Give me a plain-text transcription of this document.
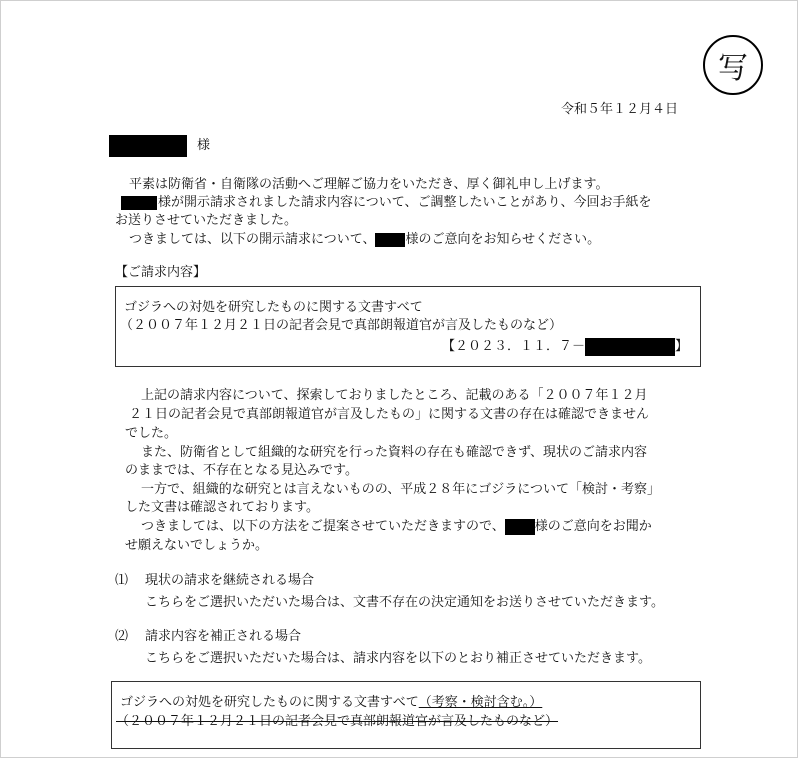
写
令和５年１２月４日
様
平素は防衛省・自衛隊の活動へご理解ご協力をいただき、厚く御礼申し上げます。
様が開示請求されました請求内容について、ご調整したいことがあり、今回お手紙を
お送りさせていただきました。
つきましては、以下の開示請求について、 様のご意向をお知らせください。
【ご請求内容】
ゴジラへの対処を研究したものに関する文書すべて
（２００７年１２月２１日の記者会見で真部朗報道官が言及したものなど）
【２０２３．１１．７－	】
上記の請求内容について、探索しておりましたところ、記載のある「２００７年１２月
２１日の記者会見で真部朗報道官が言及したもの」に関する文書の存在は確認できません
でした。
また、防衛省として組織的な研究を行った資料の存在も確認できず、現状のご請求内容
のままでは、不存在となる見込みです。
一方で、組織的な研究とは言えないものの、平成２８年にゴジラについて「検討・考察」
した文書は確認されております。
つきましては、以下の方法をご提案させていただきますので、 様のご意向をお聞か
せ願えないでしょうか。
⑴ 現状の請求を継続される場合
こちらをご選択いただいた場合は、文書不存在の決定通知をお送りさせていただきます。
⑵ 請求内容を補正される場合
こちらをご選択いただいた場合は、請求内容を以下のとおり補正させていただきます。
ゴジラへの対処を研究したものに関する文書すべて（考察・検討含む。）
（２００７年１２月２１日の記者会見で真部朗報道官が言及したものなど）
